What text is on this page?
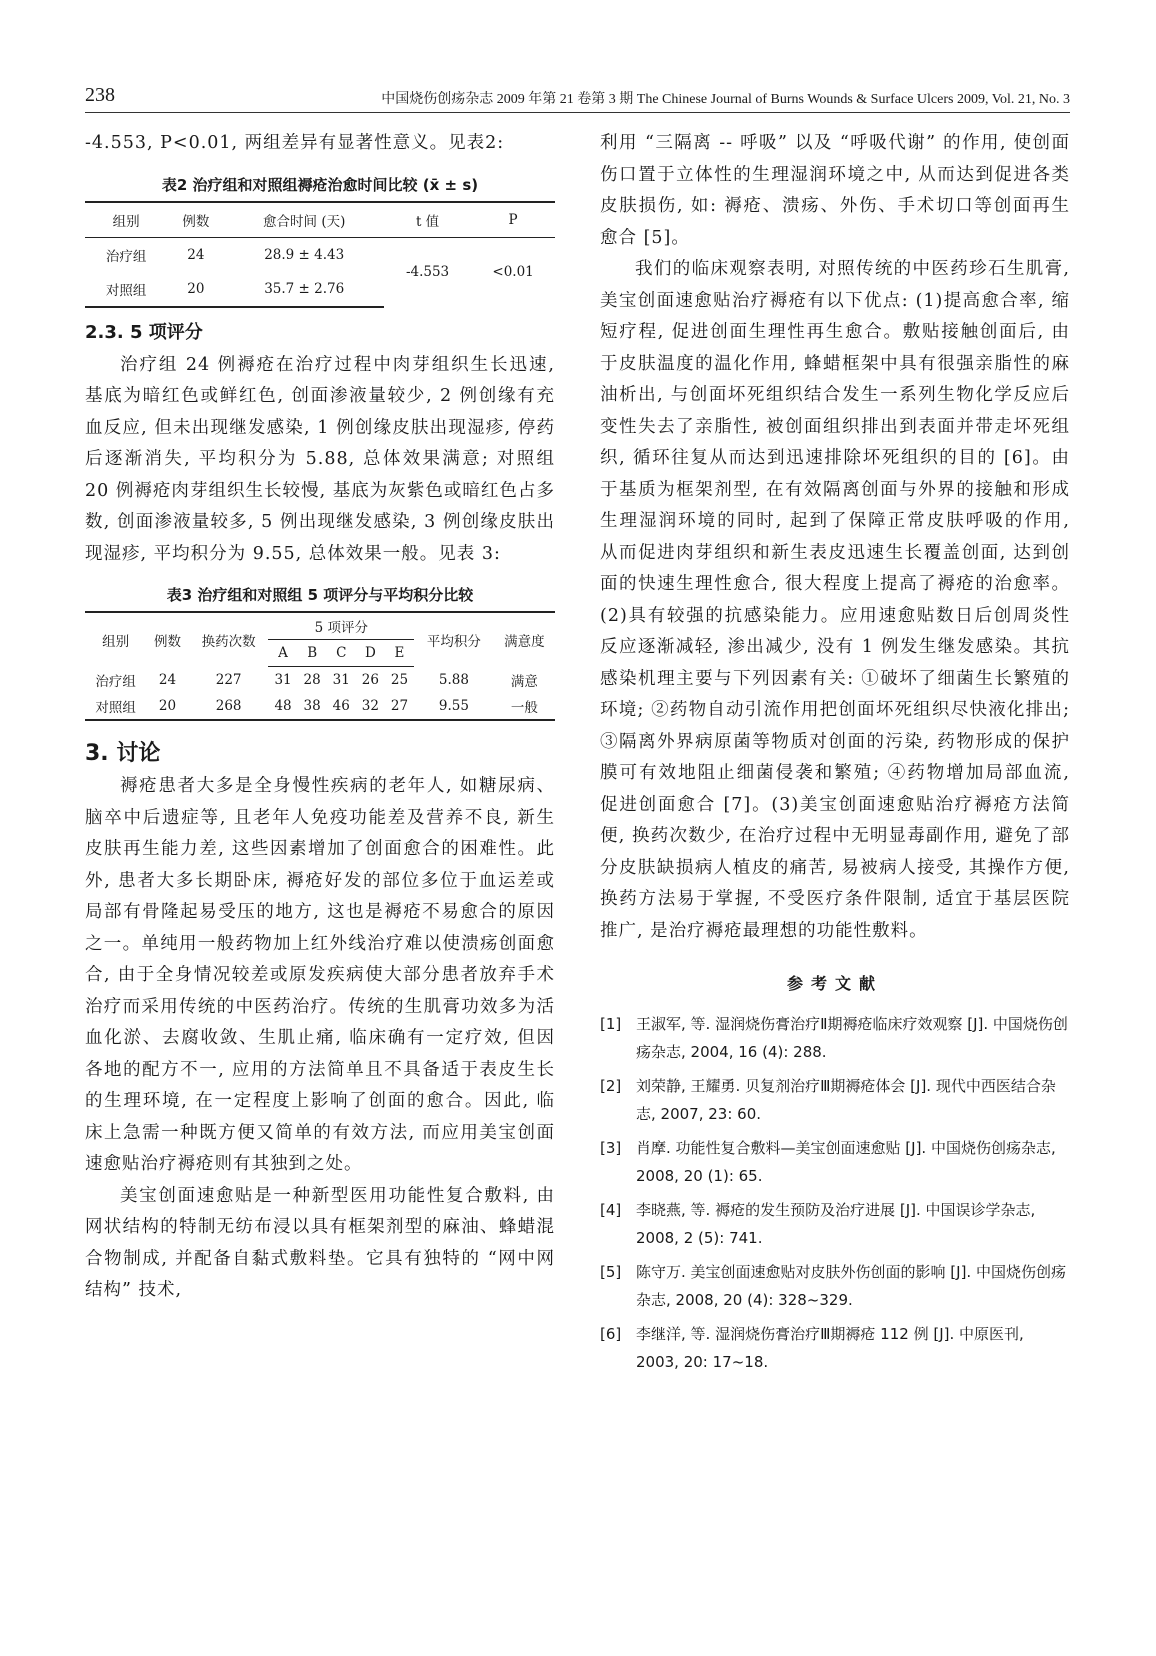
238	中国烧伤创疡杂志 2009 年第 21 卷第 3 期 The Chinese Journal of Burns Wounds & Surface Ulcers 2009, Vol. 21, No. 3

-4.553, P<0.01, 两组差异有显著性意义。见表2:

表2 治疗组和对照组褥疮治愈时间比较 (x̄ ± s)
组别	例数	愈合时间 (天)	t 值	P
治疗组	24	28.9 ± 4.43	-4.553	<0.01
对照组	20	35.7 ± 2.76		
2.3. 5 项评分

治疗组 24 例褥疮在治疗过程中肉芽组织生长迅速, 基底为暗红色或鲜红色, 创面渗液量较少, 2 例创缘有充血反应, 但未出现继发感染, 1 例创缘皮肤出现湿疹, 停药后逐渐消失, 平均积分为 5.88, 总体效果满意; 对照组 20 例褥疮肉芽组织生长较慢, 基底为灰紫色或暗红色占多数, 创面渗液量较多, 5 例出现继发感染, 3 例创缘皮肤出现湿疹, 平均积分为 9.55, 总体效果一般。见表 3:

表3 治疗组和对照组 5 项评分与平均积分比较
组别	例数	换药次数	5 项评分					平均积分	满意度
			A	B	C	D	E		
治疗组	24	227	31	28	31	26	25	5.88	满意
对照组	20	268	48	38	46	32	27	9.55	一般
3. 讨论

褥疮患者大多是全身慢性疾病的老年人, 如糖尿病、脑卒中后遗症等, 且老年人免疫功能差及营养不良, 新生皮肤再生能力差, 这些因素增加了创面愈合的困难性。此外, 患者大多长期卧床, 褥疮好发的部位多位于血运差或局部有骨隆起易受压的地方, 这也是褥疮不易愈合的原因之一。单纯用一般药物加上红外线治疗难以使溃疡创面愈合, 由于全身情况较差或原发疾病使大部分患者放弃手术治疗而采用传统的中医药治疗。传统的生肌膏功效多为活血化淤、去腐收敛、生肌止痛, 临床确有一定疗效, 但因各地的配方不一, 应用的方法简单且不具备适于表皮生长的生理环境, 在一定程度上影响了创面的愈合。因此, 临床上急需一种既方便又简单的有效方法, 而应用美宝创面速愈贴治疗褥疮则有其独到之处。

美宝创面速愈贴是一种新型医用功能性复合敷料, 由网状结构的特制无纺布浸以具有框架剂型的麻油、蜂蜡混合物制成, 并配备自黏式敷料垫。它具有独特的 “网中网结构” 技术,

利用 “三隔离 -- 呼吸” 以及 “呼吸代谢” 的作用, 使创面伤口置于立体性的生理湿润环境之中, 从而达到促进各类皮肤损伤, 如: 褥疮、溃疡、外伤、手术切口等创面再生愈合 [5]。

我们的临床观察表明, 对照传统的中医药珍石生肌膏, 美宝创面速愈贴治疗褥疮有以下优点: (1)提高愈合率, 缩短疗程, 促进创面生理性再生愈合。敷贴接触创面后, 由于皮肤温度的温化作用, 蜂蜡框架中具有很强亲脂性的麻油析出, 与创面坏死组织结合发生一系列生物化学反应后变性失去了亲脂性, 被创面组织排出到表面并带走坏死组织, 循环往复从而达到迅速排除坏死组织的目的 [6]。由于基质为框架剂型, 在有效隔离创面与外界的接触和形成生理湿润环境的同时, 起到了保障正常皮肤呼吸的作用, 从而促进肉芽组织和新生表皮迅速生长覆盖创面, 达到创面的快速生理性愈合, 很大程度上提高了褥疮的治愈率。(2)具有较强的抗感染能力。应用速愈贴数日后创周炎性反应逐渐减轻, 渗出减少, 没有 1 例发生继发感染。其抗感染机理主要与下列因素有关: ①破坏了细菌生长繁殖的环境; ②药物自动引流作用把创面坏死组织尽快液化排出; ③隔离外界病原菌等物质对创面的污染, 药物形成的保护膜可有效地阻止细菌侵袭和繁殖; ④药物增加局部血流, 促进创面愈合 [7]。(3)美宝创面速愈贴治疗褥疮方法简便, 换药次数少, 在治疗过程中无明显毒副作用, 避免了部分皮肤缺损病人植皮的痛苦, 易被病人接受, 其操作方便, 换药方法易于掌握, 不受医疗条件限制, 适宜于基层医院推广, 是治疗褥疮最理想的功能性敷料。

参考文献
[1] 王淑军, 等. 湿润烧伤膏治疗Ⅱ期褥疮临床疗效观察 [J]. 中国烧伤创疡杂志, 2004, 16 (4): 288.
[2] 刘荣静, 王耀勇. 贝复剂治疗Ⅲ期褥疮体会 [J]. 现代中西医结合杂志, 2007, 23: 60.
[3] 肖摩. 功能性复合敷料—美宝创面速愈贴 [J]. 中国烧伤创疡杂志, 2008, 20 (1): 65.
[4] 李晓燕, 等. 褥疮的发生预防及治疗进展 [J]. 中国误诊学杂志, 2008, 2 (5): 741.
[5] 陈守万. 美宝创面速愈贴对皮肤外伤创面的影响 [J]. 中国烧伤创疡杂志, 2008, 20 (4): 328~329.
[6] 李继洋, 等. 湿润烧伤膏治疗Ⅲ期褥疮 112 例 [J]. 中原医刊, 2003, 20: 17~18.
